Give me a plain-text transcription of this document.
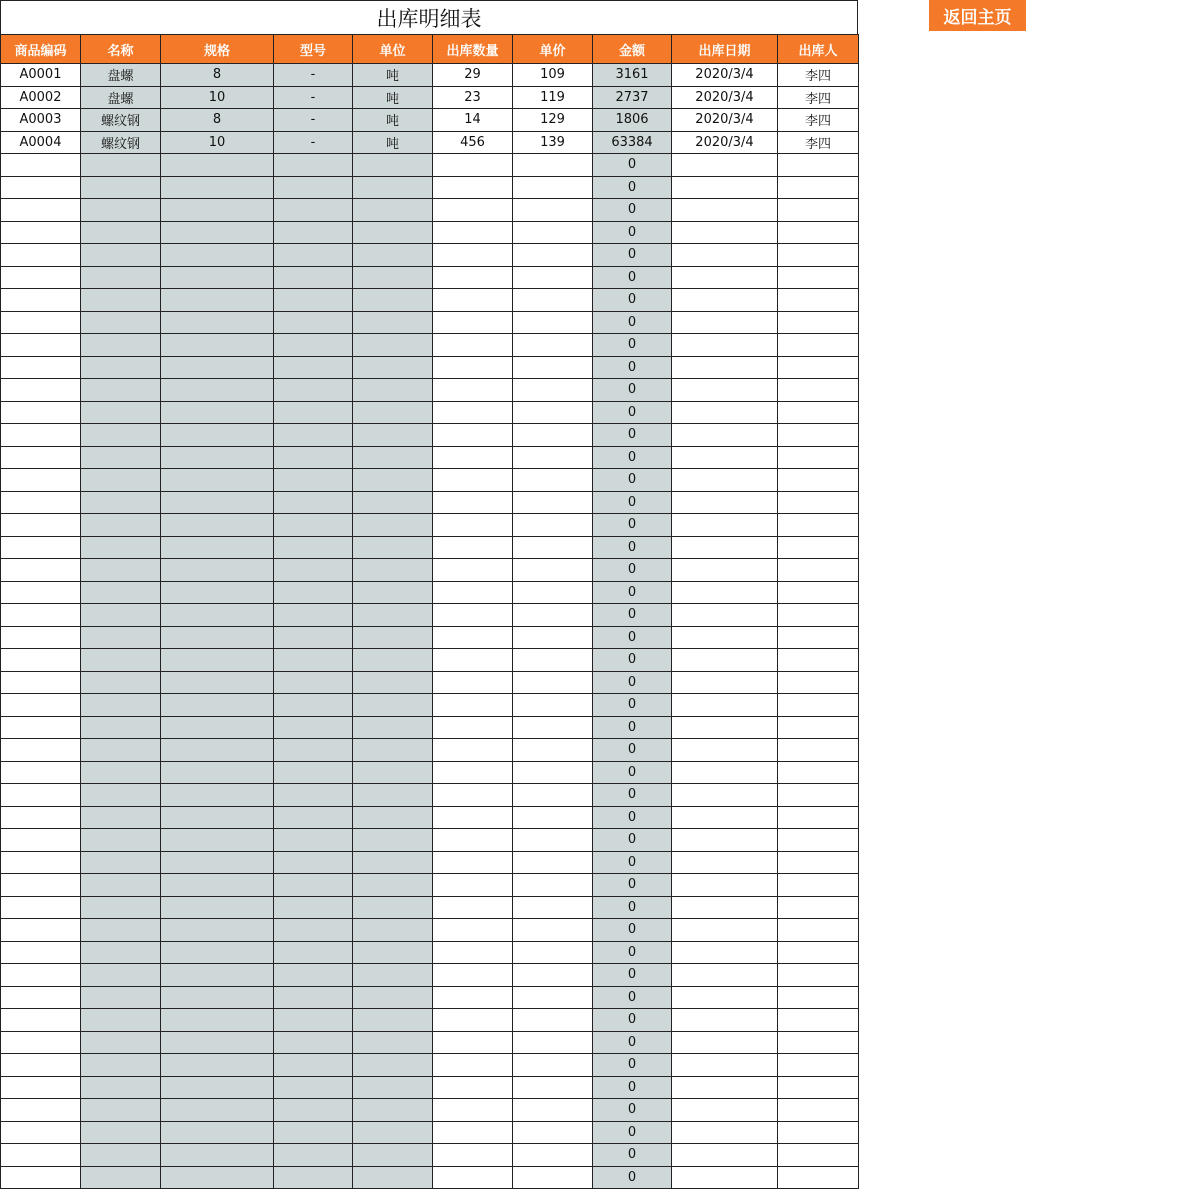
出库明细表
商品编码	名称	规格	型号	单位	出库数量	单价	金额	出库日期	出库人
A0001	盘螺	8	-	吨	29	109	3161	2020/3/4	李四
A0002	盘螺	10	-	吨	23	119	2737	2020/3/4	李四
A0003	螺纹钢	8	-	吨	14	129	1806	2020/3/4	李四
A0004	螺纹钢	10	-	吨	456	139	63384	2020/3/4	李四
							0		
							0		
							0		
							0		
							0		
							0		
							0		
							0		
							0		
							0		
							0		
							0		
							0		
							0		
							0		
							0		
							0		
							0		
							0		
							0		
							0		
							0		
							0		
							0		
							0		
							0		
							0		
							0		
							0		
							0		
							0		
							0		
							0		
							0		
							0		
							0		
							0		
							0		
							0		
							0		
							0		
							0		
							0		
							0		
							0		
							0		
返回主页
